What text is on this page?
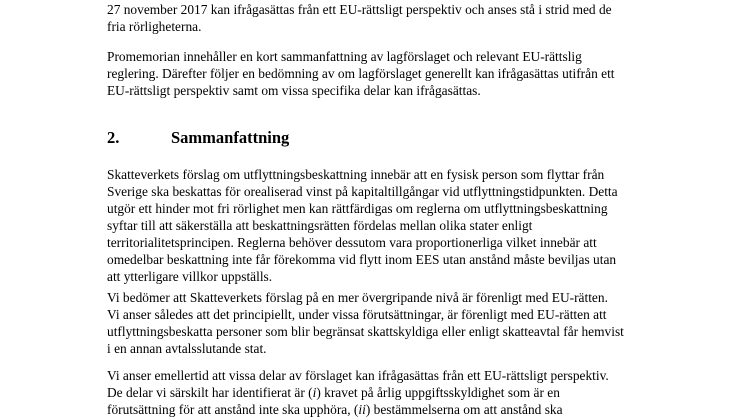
27 november 2017 kan ifrågasättas från ett EU-rättsligt perspektiv och anses stå i strid med de
fria rörligheterna.
Promemorian innehåller en kort sammanfattning av lagförslaget och relevant EU-rättslig
reglering. Därefter följer en bedömning av om lagförslaget generellt kan ifrågasättas utifrån ett
EU-rättsligt perspektiv samt om vissa specifika delar kan ifrågasättas.
2.	Sammanfattning
Skatteverkets förslag om utflyttningsbeskattning innebär att en fysisk person som flyttar från
Sverige ska beskattas för orealiserad vinst på kapitaltillgångar vid utflyttningstidpunkten. Detta
utgör ett hinder mot fri rörlighet men kan rättfärdigas om reglerna om utflyttningsbeskattning
syftar till att säkerställa att beskattningsrätten fördelas mellan olika stater enligt
territorialitetsprincipen. Reglerna behöver dessutom vara proportionerliga vilket innebär att
omedelbar beskattning inte får förekomma vid flytt inom EES utan anstånd måste beviljas utan
att ytterligare villkor uppställs.
Vi bedömer att Skatteverkets förslag på en mer övergripande nivå är förenligt med EU-rätten.
Vi anser således att det principiellt, under vissa förutsättningar, är förenligt med EU-rätten att
utflyttningsbeskatta personer som blir begränsat skattskyldiga eller enligt skatteavtal får hemvist
i en annan avtalsslutande stat.
Vi anser emellertid att vissa delar av förslaget kan ifrågasättas från ett EU-rättsligt perspektiv.
De delar vi särskilt har identifierat är (i) kravet på årlig uppgiftsskyldighet som är en
förutsättning för att anstånd inte ska upphöra, (ii) bestämmelserna om att anstånd ska
